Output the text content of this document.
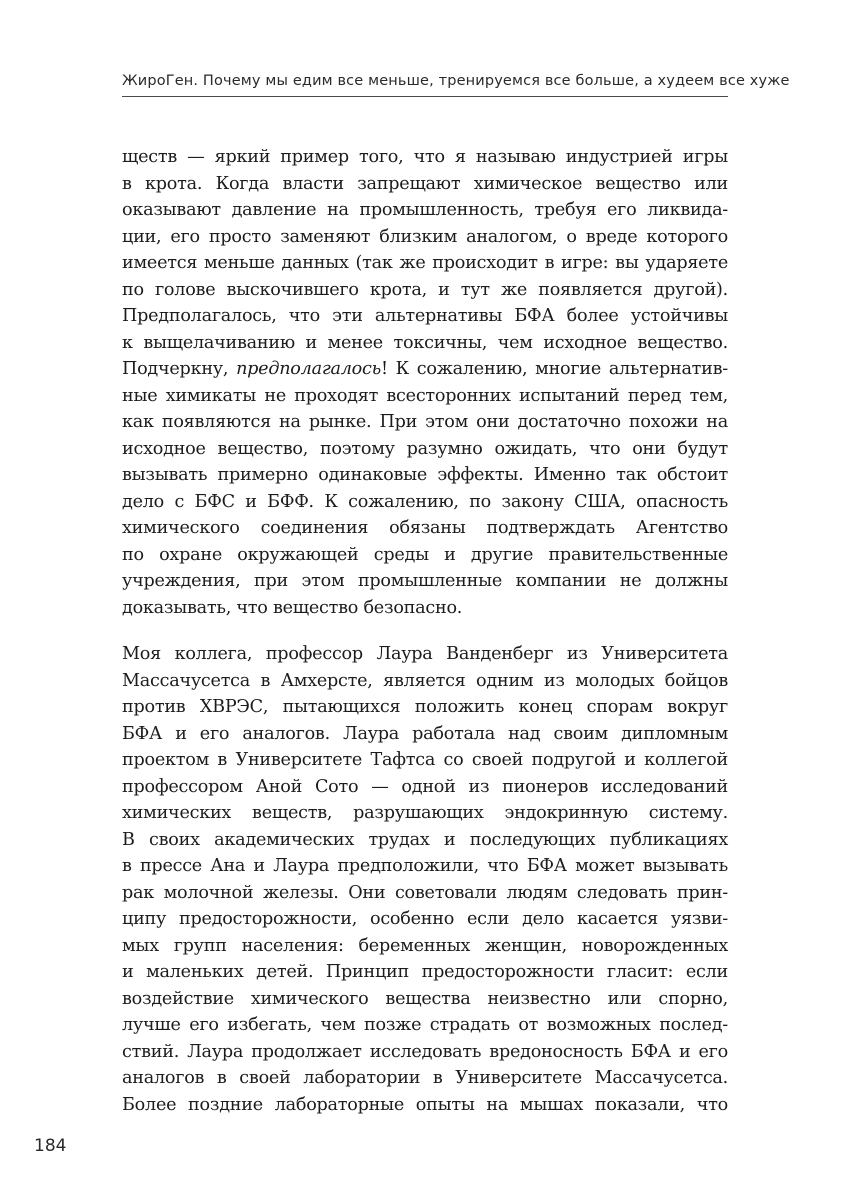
ЖироГен. Почему мы едим все меньше, тренируемся все больше, а худеем все хуже

ществ — яркий пример того, что я называю индустрией игры
в крота. Когда власти запрещают химическое вещество или
оказывают давление на промышленность, требуя его ликвида-
ции, его просто заменяют близким аналогом, о вреде которого
имеется меньше данных (так же происходит в игре: вы ударяете
по голове выскочившего крота, и тут же появляется другой).
Предполагалось, что эти альтернативы БФА более устойчивы
к выщелачиванию и менее токсичны, чем исходное вещество.
Подчеркну, предполагалось! К сожалению, многие альтернатив-
ные химикаты не проходят всесторонних испытаний перед тем,
как появляются на рынке. При этом они достаточно похожи на
исходное вещество, поэтому разумно ожидать, что они будут
вызывать примерно одинаковые эффекты. Именно так обстоит
дело с БФС и БФФ. К сожалению, по закону США, опасность
химического соединения обязаны подтверждать Агентство
по охране окружающей среды и другие правительственные
учреждения, при этом промышленные компании не должны
доказывать, что вещество безопасно.

Моя коллега, профессор Лаура Ванденберг из Университета
Массачусетса в Амхерсте, является одним из молодых бойцов
против ХВРЭС, пытающихся положить конец спорам вокруг
БФА и его аналогов. Лаура работала над своим дипломным
проектом в Университете Тафтса со своей подругой и коллегой
профессором Аной Сото — одной из пионеров исследований
химических веществ, разрушающих эндокринную систему.
В своих академических трудах и последующих публикациях
в прессе Ана и Лаура предположили, что БФА может вызывать
рак молочной железы. Они советовали людям следовать прин-
ципу предосторожности, особенно если дело касается уязви-
мых групп населения: беременных женщин, новорожденных
и маленьких детей. Принцип предосторожности гласит: если
воздействие химического вещества неизвестно или спорно,
лучше его избегать, чем позже страдать от возможных послед-
ствий. Лаура продолжает исследовать вредоносность БФА и его
аналогов в своей лаборатории в Университете Массачусетса.
Более поздние лабораторные опыты на мышах показали, что

184
